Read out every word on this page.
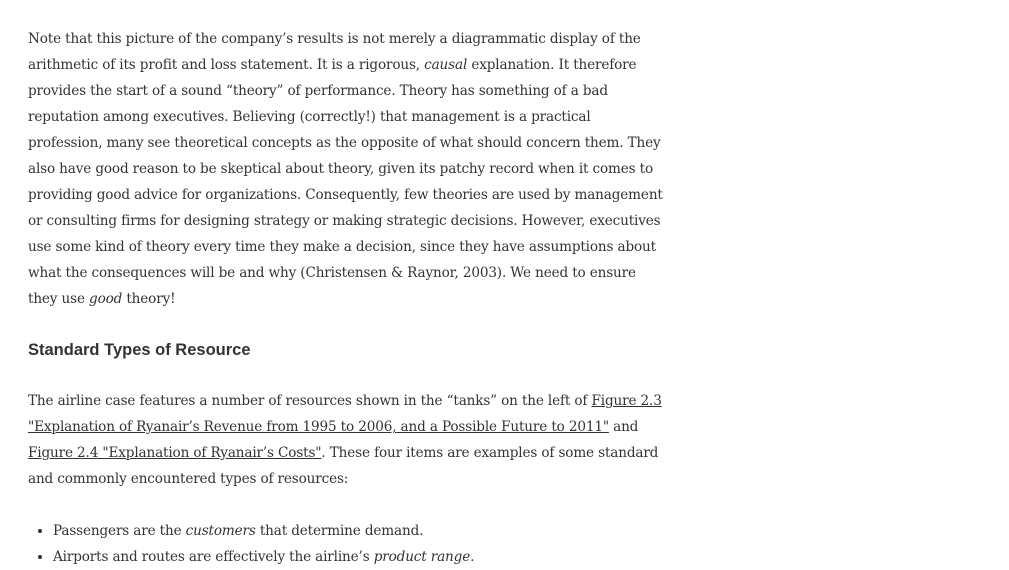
Note that this picture of the company’s results is not merely a diagrammatic display of the arithmetic of its profit and loss statement. It is a rigorous, causal explanation. It therefore provides the start of a sound “theory” of performance. Theory has something of a bad reputation among executives. Believing (correctly!) that management is a practical profession, many see theoretical concepts as the opposite of what should concern them. They also have good reason to be skeptical about theory, given its patchy record when it comes to providing good advice for organizations. Consequently, few theories are used by management or consulting firms for designing strategy or making strategic decisions. However, executives use some kind of theory every time they make a decision, since they have assumptions about what the consequences will be and why (Christensen & Raynor, 2003). We need to ensure they use good theory!

Standard Types of Resource

The airline case features a number of resources shown in the “tanks” on the left of Figure 2.3 "Explanation of Ryanair’s Revenue from 1995 to 2006, and a Possible Future to 2011" and Figure 2.4 "Explanation of Ryanair’s Costs". These four items are examples of some standard and commonly encountered types of resources:

• Passengers are the customers that determine demand.
• Airports and routes are effectively the airline’s product range.
